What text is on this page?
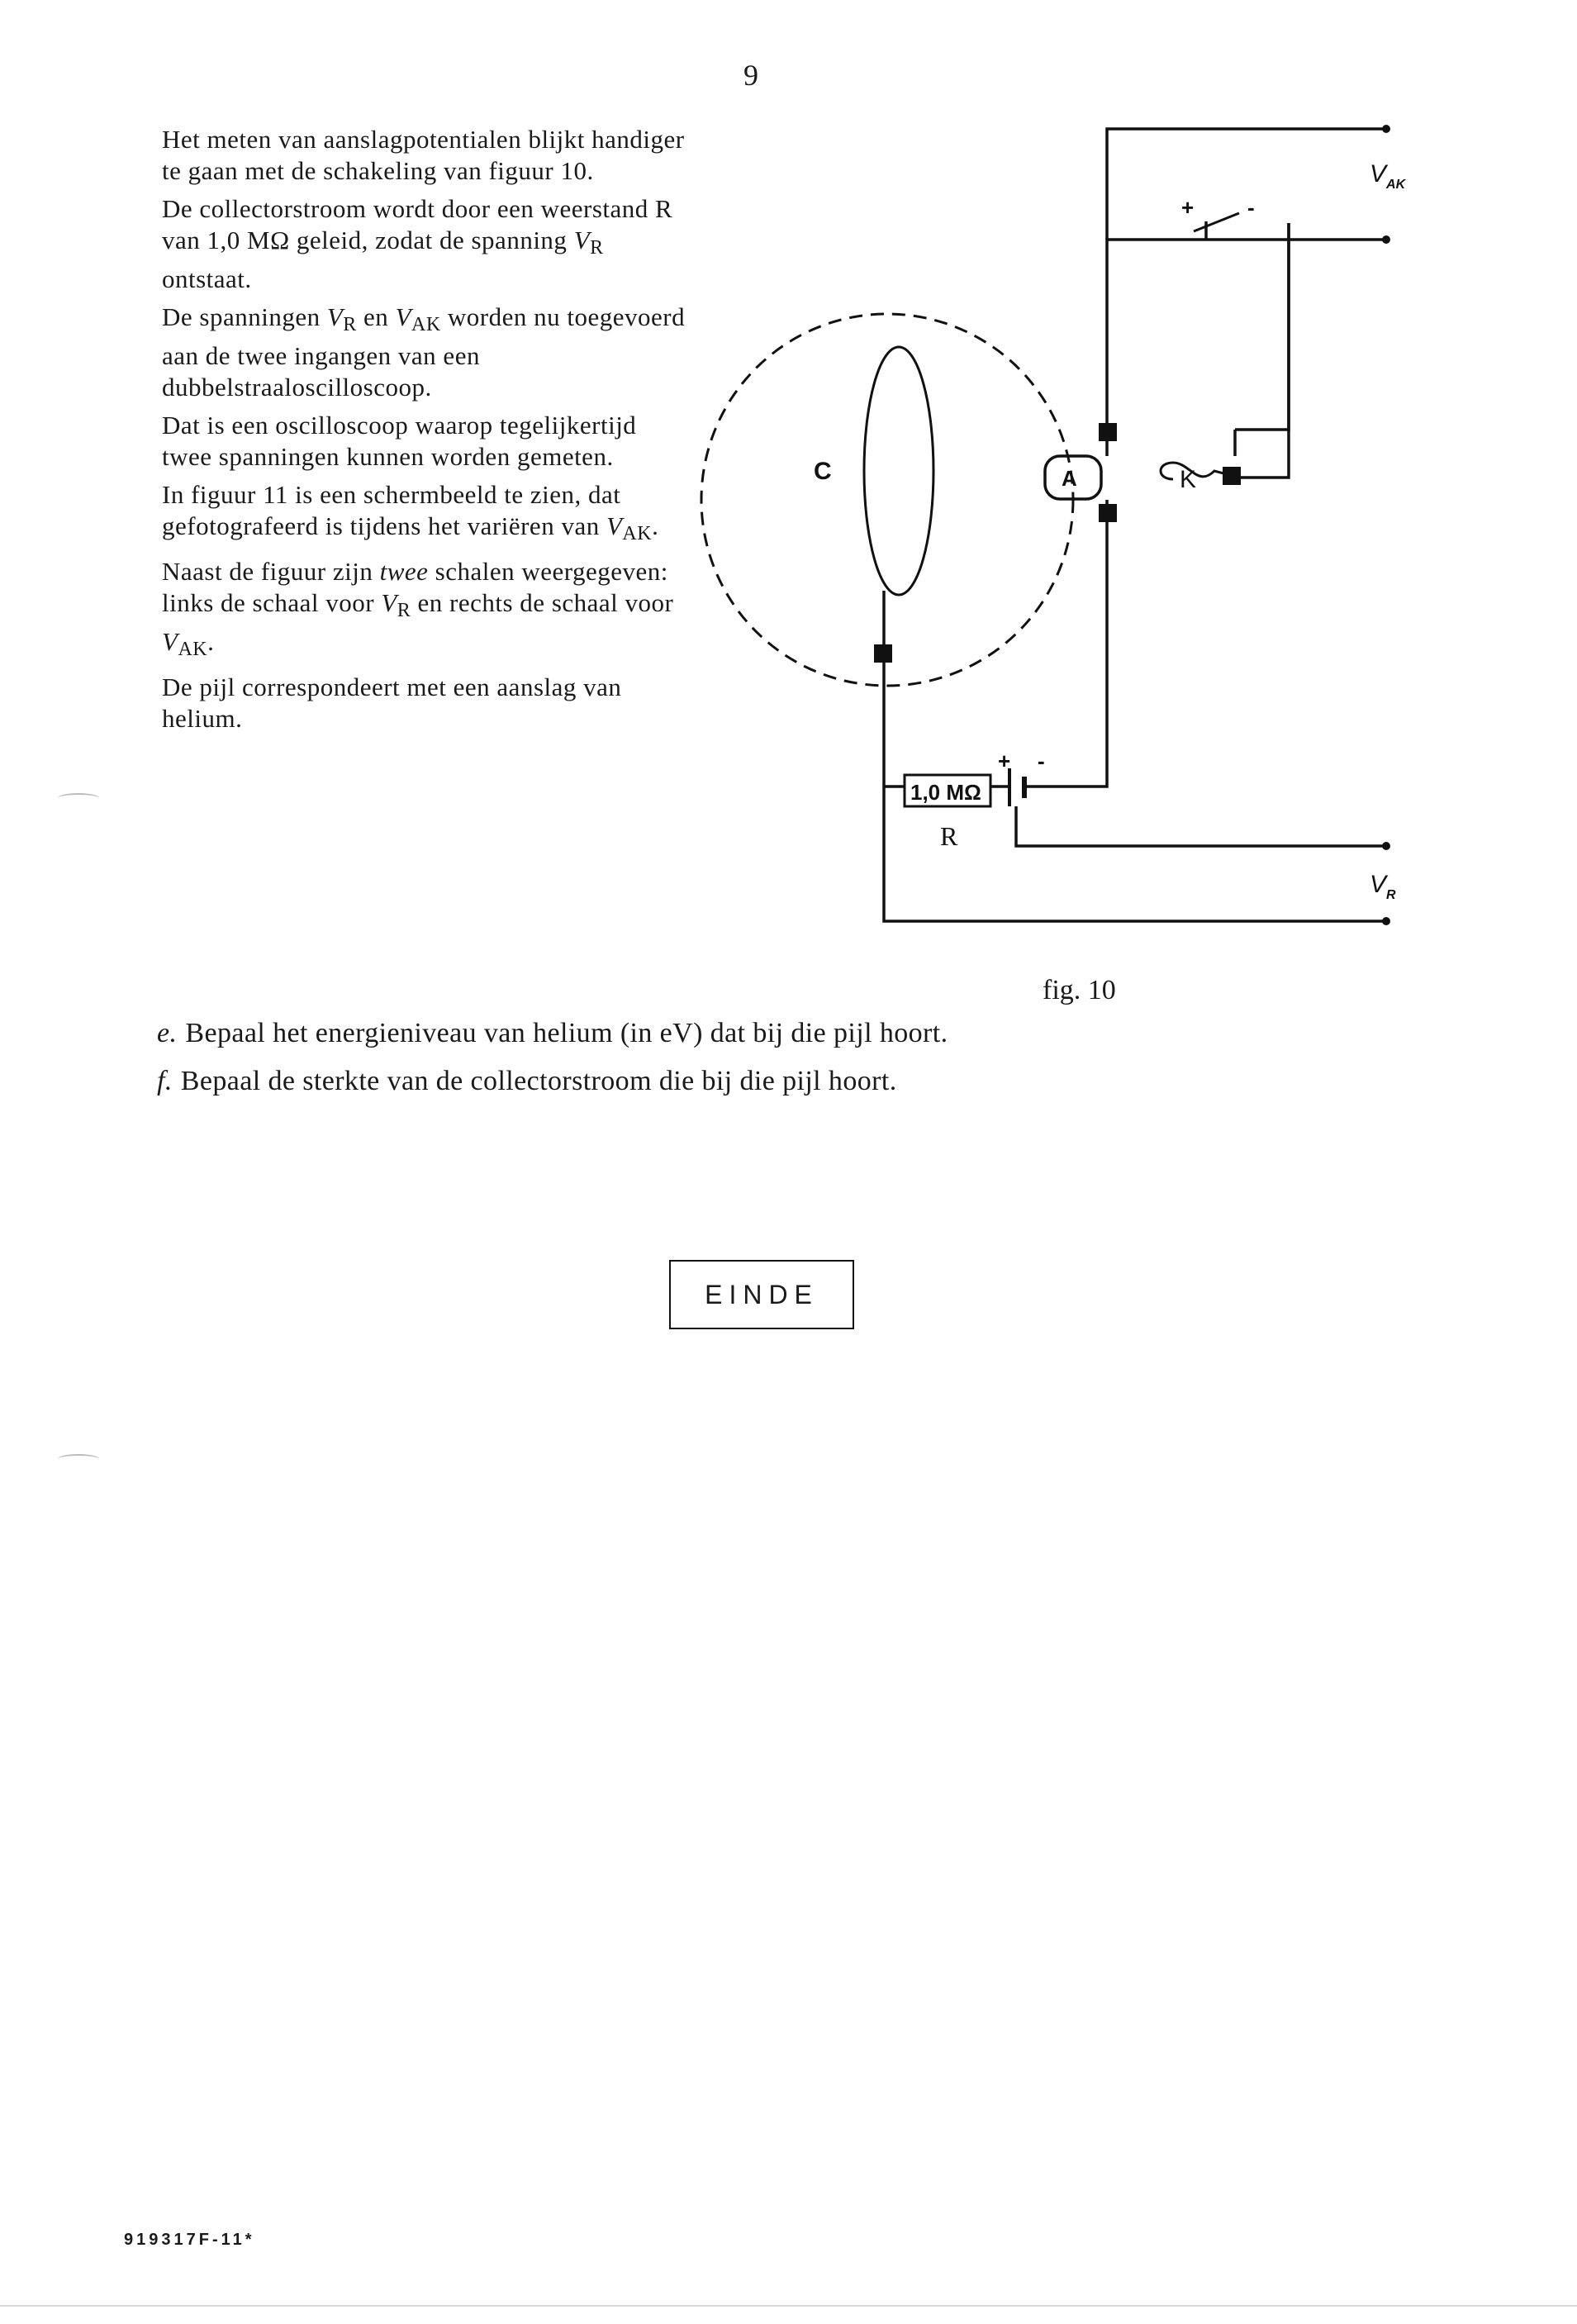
9

Het meten van aanslagpotentialen blijkt handiger te gaan met de schakeling van figuur 10.

De collectorstroom wordt door een weerstand R van 1,0 MΩ geleid, zodat de spanning $V_R$ ontstaat.

De spanningen $V_R$ en $V_{AK}$ worden nu toegevoerd aan de twee ingangen van een dubbelstraaloscilloscoop.

Dat is een oscilloscoop waarop tegelijkertijd twee spanningen kunnen worden gemeten.

In figuur 11 is een schermbeeld te zien, dat gefotografeerd is tijdens het variëren van $V_{AK}$.

Naast de figuur zijn twee schalen weergegeven: links de schaal voor $V_R$ en rechts de schaal voor $V_{AK}$.

De pijl correspondeert met een aanslag van helium.

C	A	K
1,0 MΩ
R
+ -
+ -
$V_{AK}$
$V_R$
fig. 10
e. Bepaal het energieniveau van helium (in eV) dat bij die pijl hoort.
f. Bepaal de sterkte van de collectorstroom die bij die pijl hoort.
EINDE
919317F-11*
